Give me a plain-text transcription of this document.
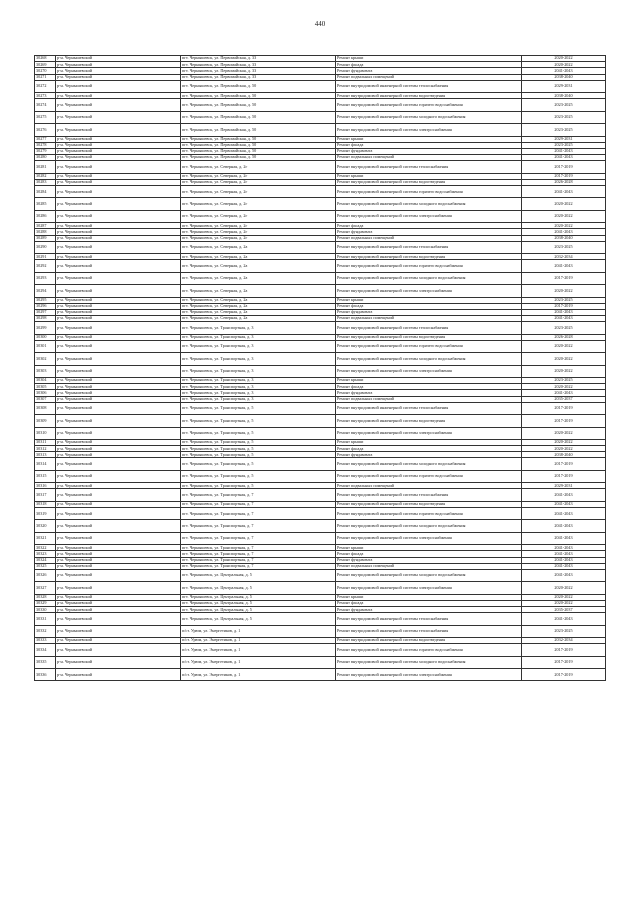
440
30268	р-н. Чернышевский	пгт. Чернышевск, ул. Первомайская, д. 33	Ремонт крыши	2020-2022
30269	р-н. Чернышевский	пгт. Чернышевск, ул. Первомайская, д. 33	Ремонт фасада	2020-2022
30270	р-н. Чернышевский	пгт. Чернышевск, ул. Первомайская, д. 33	Ремонт фундамента	2041-2043
30271	р-н. Чернышевский	пгт. Чернышевск, ул. Первомайская, д. 33	Ремонт подвальных помещений	2038-2040
30272	р-н. Чернышевский	пгт. Чернышевск, ул. Первомайская, д. 50	Ремонт внутридомовой инженерной системы теплоснабжения	2029-2031
30273	р-н. Чернышевский	пгт. Чернышевск, ул. Первомайская, д. 50	Ремонт внутридомовой инженерной системы водоотведения	2038-2040
30274	р-н. Чернышевский	пгт. Чернышевск, ул. Первомайская, д. 50	Ремонт внутридомовой инженерной системы горячего водоснабжения	2023-2025
30275	р-н. Чернышевский	пгт. Чернышевск, ул. Первомайская, д. 50	Ремонт внутридомовой инженерной системы холодного водоснабжения	2023-2025
30276	р-н. Чернышевский	пгт. Чернышевск, ул. Первомайская, д. 50	Ремонт внутридомовой инженерной системы электроснабжения	2023-2025
30277	р-н. Чернышевский	пгт. Чернышевск, ул. Первомайская, д. 50	Ремонт крыши	2029-2031
30278	р-н. Чернышевский	пгт. Чернышевск, ул. Первомайская, д. 50	Ремонт фасада	2023-2025
30279	р-н. Чернышевский	пгт. Чернышевск, ул. Первомайская, д. 50	Ремонт фундамента	2041-2043
30280	р-н. Чернышевский	пгт. Чернышевск, ул. Первомайская, д. 50	Ремонт подвальных помещений	2041-2043
30281	р-н. Чернышевский	пгт. Чернышевск, ул. Северная, д. 2г	Ремонт внутридомовой инженерной системы теплоснабжения	2017-2019
30282	р-н. Чернышевский	пгт. Чернышевск, ул. Северная, д. 2г	Ремонт крыши	2017-2019
30283	р-н. Чернышевский	пгт. Чернышевск, ул. Северная, д. 2г	Ремонт внутридомовой инженерной системы водоотведения	2026-2028
30284	р-н. Чернышевский	пгт. Чернышевск, ул. Северная, д. 2г	Ремонт внутридомовой инженерной системы горячего водоснабжения	2041-2043
30285	р-н. Чернышевский	пгт. Чернышевск, ул. Северная, д. 2г	Ремонт внутридомовой инженерной системы холодного водоснабжения	2020-2022
30286	р-н. Чернышевский	пгт. Чернышевск, ул. Северная, д. 2г	Ремонт внутридомовой инженерной системы электроснабжения	2020-2022
30287	р-н. Чернышевский	пгт. Чернышевск, ул. Северная, д. 2г	Ремонт фасада	2020-2022
30288	р-н. Чернышевский	пгт. Чернышевск, ул. Северная, д. 2г	Ремонт фундамента	2041-2043
30289	р-н. Чернышевский	пгт. Чернышевск, ул. Северная, д. 2г	Ремонт подвальных помещений	2038-2040
30290	р-н. Чернышевский	пгт. Чернышевск, ул. Северная, д. 2а	Ремонт внутридомовой инженерной системы теплоснабжения	2023-2025
30291	р-н. Чернышевский	пгт. Чернышевск, ул. Северная, д. 2а	Ремонт внутридомовой инженерной системы водоотведения	2032-2034
30292	р-н. Чернышевский	пгт. Чернышевск, ул. Северная, д. 2а	Ремонт внутридомовой инженерной системы горячего водоснабжения	2041-2043
30293	р-н. Чернышевский	пгт. Чернышевск, ул. Северная, д. 2а	Ремонт внутридомовой инженерной системы холодного водоснабжения	2017-2019
30294	р-н. Чернышевский	пгт. Чернышевск, ул. Северная, д. 2а	Ремонт внутридомовой инженерной системы электроснабжения	2020-2022
30295	р-н. Чернышевский	пгт. Чернышевск, ул. Северная, д. 2а	Ремонт крыши	2023-2025
30296	р-н. Чернышевский	пгт. Чернышевск, ул. Северная, д. 2а	Ремонт фасада	2017-2019
30297	р-н. Чернышевский	пгт. Чернышевск, ул. Северная, д. 2а	Ремонт фундамента	2041-2043
30298	р-н. Чернышевский	пгт. Чернышевск, ул. Северная, д. 2а	Ремонт подвальных помещений	2041-2043
30299	р-н. Чернышевский	пгт. Чернышевск, ул. Транспортная, д. 3	Ремонт внутридомовой инженерной системы теплоснабжения	2023-2025
30300	р-н. Чернышевский	пгт. Чернышевск, ул. Транспортная, д. 3	Ремонт внутридомовой инженерной системы водоотведения	2026-2028
30301	р-н. Чернышевский	пгт. Чернышевск, ул. Транспортная, д. 3	Ремонт внутридомовой инженерной системы горячего водоснабжения	2020-2022
30302	р-н. Чернышевский	пгт. Чернышевск, ул. Транспортная, д. 3	Ремонт внутридомовой инженерной системы холодного водоснабжения	2020-2022
30303	р-н. Чернышевский	пгт. Чернышевск, ул. Транспортная, д. 3	Ремонт внутридомовой инженерной системы электроснабжения	2020-2022
30304	р-н. Чернышевский	пгт. Чернышевск, ул. Транспортная, д. 3	Ремонт крыши	2023-2025
30305	р-н. Чернышевский	пгт. Чернышевск, ул. Транспортная, д. 3	Ремонт фасада	2020-2022
30306	р-н. Чернышевский	пгт. Чернышевск, ул. Транспортная, д. 3	Ремонт фундамента	2041-2043
30307	р-н. Чернышевский	пгт. Чернышевск, ул. Транспортная, д. 3	Ремонт подвальных помещений	2035-2037
30308	р-н. Чернышевский	пгт. Чернышевск, ул. Транспортная, д. 5	Ремонт внутридомовой инженерной системы теплоснабжения	2017-2019
30309	р-н. Чернышевский	пгт. Чернышевск, ул. Транспортная, д. 5	Ремонт внутридомовой инженерной системы водоотведения	2017-2019
30310	р-н. Чернышевский	пгт. Чернышевск, ул. Транспортная, д. 5	Ремонт внутридомовой инженерной системы электроснабжения	2020-2022
30311	р-н. Чернышевский	пгт. Чернышевск, ул. Транспортная, д. 5	Ремонт крыши	2020-2022
30312	р-н. Чернышевский	пгт. Чернышевск, ул. Транспортная, д. 5	Ремонт фасада	2020-2022
30313	р-н. Чернышевский	пгт. Чернышевск, ул. Транспортная, д. 5	Ремонт фундамента	2038-2040
30314	р-н. Чернышевский	пгт. Чернышевск, ул. Транспортная, д. 5	Ремонт внутридомовой инженерной системы холодного водоснабжения	2017-2019
30315	р-н. Чернышевский	пгт. Чернышевск, ул. Транспортная, д. 5	Ремонт внутридомовой инженерной системы горячего водоснабжения	2017-2019
30316	р-н. Чернышевский	пгт. Чернышевск, ул. Транспортная, д. 5	Ремонт подвальных помещений	2029-2031
30317	р-н. Чернышевский	пгт. Чернышевск, ул. Транспортная, д. 7	Ремонт внутридомовой инженерной системы теплоснабжения	2041-2043
30318	р-н. Чернышевский	пгт. Чернышевск, ул. Транспортная, д. 7	Ремонт внутридомовой инженерной системы водоотведения	2041-2043
30319	р-н. Чернышевский	пгт. Чернышевск, ул. Транспортная, д. 7	Ремонт внутридомовой инженерной системы горячего водоснабжения	2041-2043
30320	р-н. Чернышевский	пгт. Чернышевск, ул. Транспортная, д. 7	Ремонт внутридомовой инженерной системы холодного водоснабжения	2041-2043
30321	р-н. Чернышевский	пгт. Чернышевск, ул. Транспортная, д. 7	Ремонт внутридомовой инженерной системы электроснабжения	2041-2043
30322	р-н. Чернышевский	пгт. Чернышевск, ул. Транспортная, д. 7	Ремонт крыши	2041-2043
30323	р-н. Чернышевский	пгт. Чернышевск, ул. Транспортная, д. 7	Ремонт фасада	2041-2043
30324	р-н. Чернышевский	пгт. Чернышевск, ул. Транспортная, д. 7	Ремонт фундамента	2041-2043
30325	р-н. Чернышевский	пгт. Чернышевск, ул. Транспортная, д. 7	Ремонт подвальных помещений	2041-2043
30326	р-н. Чернышевский	пгт. Чернышевск, ул. Центральная, д. 5	Ремонт внутридомовой инженерной системы холодного водоснабжения	2041-2043
30327	р-н. Чернышевский	пгт. Чернышевск, ул. Центральная, д. 5	Ремонт внутридомовой инженерной системы электроснабжения	2020-2022
30328	р-н. Чернышевский	пгт. Чернышевск, ул. Центральная, д. 5	Ремонт крыши	2020-2022
30329	р-н. Чернышевский	пгт. Чернышевск, ул. Центральная, д. 5	Ремонт фасада	2020-2022
30330	р-н. Чернышевский	пгт. Чернышевск, ул. Центральная, д. 5	Ремонт фундамента	2035-2037
30331	р-н. Чернышевский	пгт. Чернышевск, ул. Центральная, д. 5	Ремонт внутридомовой инженерной системы теплоснабжения	2041-2043
30332	р-н. Чернышевский	п/ст. Урюм, ул. Энергетиков, д. 1	Ремонт внутридомовой инженерной системы теплоснабжения	2023-2025
30333	р-н. Чернышевский	п/ст. Урюм, ул. Энергетиков, д. 1	Ремонт внутридомовой инженерной системы водоотведения	2032-2034
30334	р-н. Чернышевский	п/ст. Урюм, ул. Энергетиков, д. 1	Ремонт внутридомовой инженерной системы горячего водоснабжения	2017-2019
30335	р-н. Чернышевский	п/ст. Урюм, ул. Энергетиков, д. 1	Ремонт внутридомовой инженерной системы холодного водоснабжения	2017-2019
30336	р-н. Чернышевский	п/ст. Урюм, ул. Энергетиков, д. 1	Ремонт внутридомовой инженерной системы электроснабжения	2017-2019
